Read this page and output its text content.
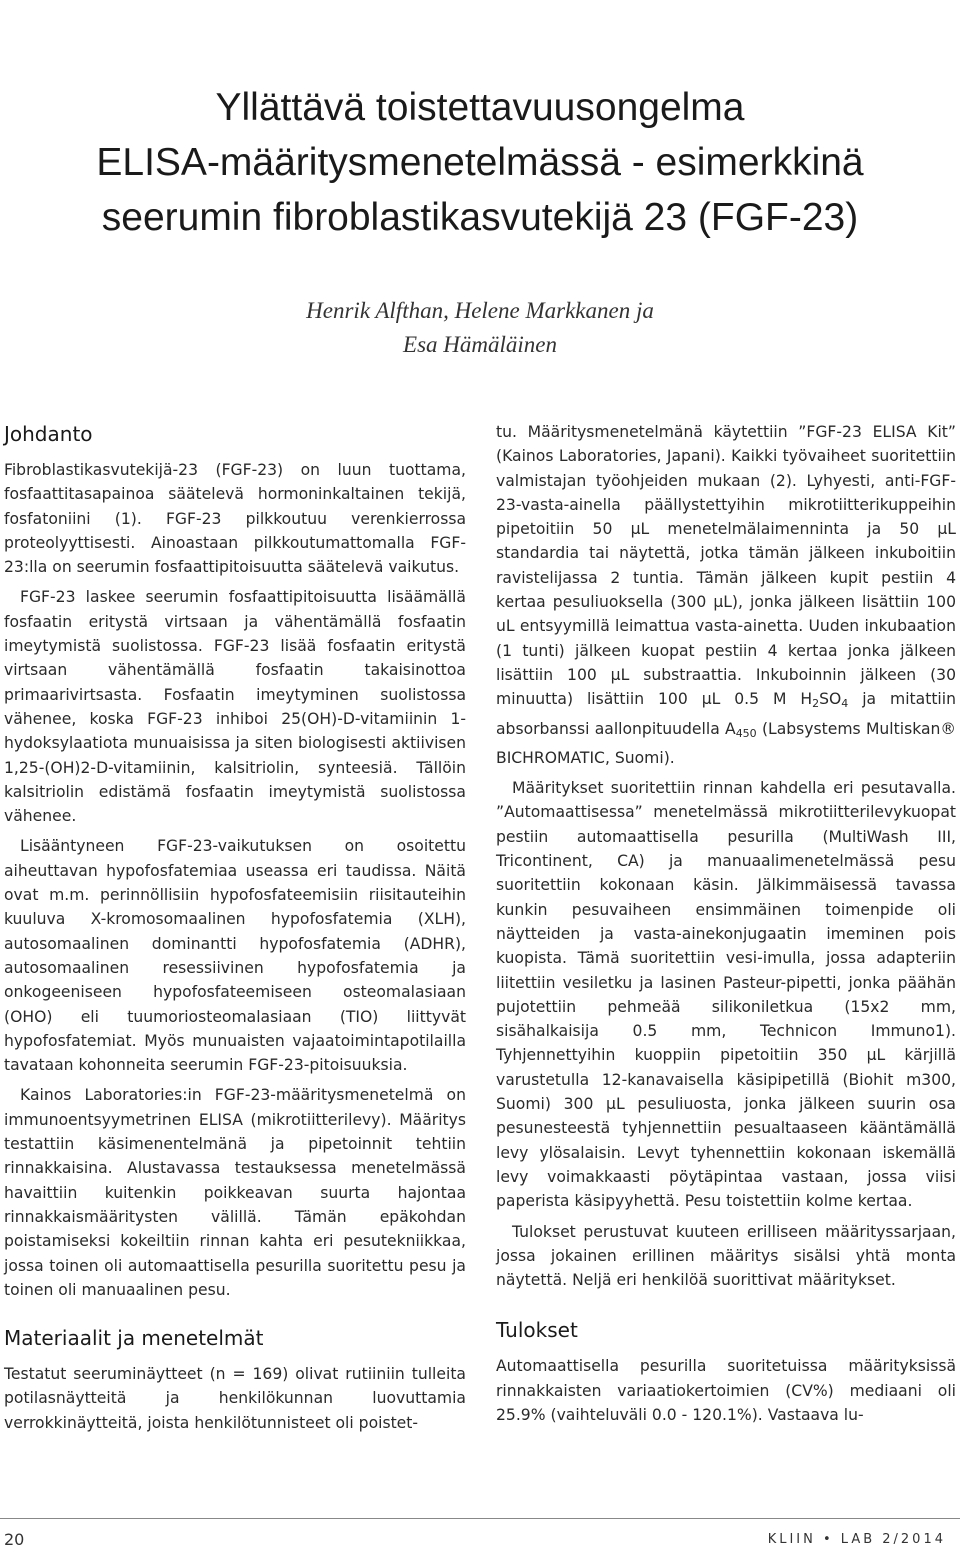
Yllättävä toistettavuusongelma
ELISA-määritysmenetelmässä - esimerkkinä
seerumin fibroblastikasvutekijä 23 (FGF-23)
Henrik Alfthan, Helene Markkanen ja
Esa Hämäläinen
Johdanto

Fibroblastikasvutekijä-23 (FGF-23) on luun tuottama, fosfaattitasapainoa säätelevä hormoninkaltainen tekijä, fosfatoniini (1). FGF-23 pilkkoutuu verenkierrossa proteolyyttisesti. Ainoastaan pilkkoutumattomalla FGF-23:lla on seerumin fosfaattipitoisuutta säätelevä vaikutus.

FGF-23 laskee seerumin fosfaattipitoisuutta lisäämällä fosfaatin eritystä virtsaan ja vähentämällä fosfaatin imeytymistä suolistossa. FGF-23 lisää fosfaatin eritystä virtsaan vähentämällä fosfaatin takaisinottoa primaarivirtsasta. Fosfaatin imeytyminen suolistossa vähenee, koska FGF-23 inhiboi 25(OH)-D-vitamiinin 1-hydoksylaatiota munuaisissa ja siten biologisesti aktiivisen 1,25-(OH)2-D-vitamiinin, kalsitriolin, synteesiä. Tällöin kalsitriolin edistämä fosfaatin imeytymistä suolistossa vähenee.

Lisääntyneen FGF-23-vaikutuksen on osoitettu aiheuttavan hypofosfatemiaa useassa eri taudissa. Näitä ovat m.m. perinnöllisiin hypofosfateemisiin riisitauteihin kuuluva X-kromosomaalinen hypofosfatemia (XLH), autosomaalinen dominantti hypofosfatemia (ADHR), autosomaalinen resessiivinen hypofosfatemia ja onkogeeniseen hypofosfateemiseen osteomalasiaan (OHO) eli tuumoriosteomalasiaan (TIO) liittyvät hypofosfatemiat. Myös munuaisten vajaatoimintapotilailla tavataan kohonneita seerumin FGF-23-pitoisuuksia.

Kainos Laboratories:in FGF-23-määritysmenetelmä on immunoentsyymetrinen ELISA (mikrotiitterilevy). Määritys testattiin käsimenentelmänä ja pipetoinnit tehtiin rinnakkaisina. Alustavassa testauksessa menetelmässä havaittiin kuitenkin poikkeavan suurta hajontaa rinnakkaismääritysten välillä. Tämän epäkohdan poistamiseksi kokeiltiin rinnan kahta eri pesutekniikkaa, jossa toinen oli automaattisella pesurilla suoritettu pesu ja toinen oli manuaalinen pesu.

Materiaalit ja menetelmät

Testatut seeruminäytteet (n = 169) olivat rutiiniin tulleita potilasnäytteitä ja henkilökunnan luovuttamia verrokkinäytteitä, joista henkilötunnisteet oli poistet-

tu. Määritysmenetelmänä käytettiin ”FGF-23 ELISA Kit” (Kainos Laboratories, Japani). Kaikki työvaiheet suoritettiin valmistajan työohjeiden mukaan (2). Lyhyesti, anti-FGF-23-vasta-ainella päällystettyihin mikrotiitterikuppeihin pipetoitiin 50 µL menetelmälaimenninta ja 50 µL standardia tai näytettä, jotka tämän jälkeen inkuboitiin ravistelijassa 2 tuntia. Tämän jälkeen kupit pestiin 4 kertaa pesuliuoksella (300 µL), jonka jälkeen lisättiin 100 uL entsyymillä leimattua vasta-ainetta. Uuden inkubaation (1 tunti) jälkeen kuopat pestiin 4 kertaa jonka jälkeen lisättiin 100 µL substraattia. Inkuboinnin jälkeen (30 minuutta) lisättiin 100 µL 0.5 M $H_2SO_4$ ja mitattiin absorbanssi aallonpituudella $A_{450}$ (Labsystems Multiskan® BICHROMATIC, Suomi).

Määritykset suoritettiin rinnan kahdella eri pesutavalla. ”Automaattisessa” menetelmässä mikrotiitterilevykuopat pestiin automaattisella pesurilla (MultiWash III, Tricontinent, CA) ja manuaalimenetelmässä pesu suoritettiin kokonaan käsin. Jälkimmäisessä tavassa kunkin pesuvaiheen ensimmäinen toimenpide oli näytteiden ja vasta-ainekonjugaatin imeminen pois kuopista. Tämä suoritettiin vesi-imulla, jossa adapteriin liitettiin vesiletku ja lasinen Pasteur-pipetti, jonka päähän pujotettiin pehmeää silikoniletkua (15x2 mm, sisähalkaisija 0.5 mm, Technicon Immuno1). Tyhjennettyihin kuoppiin pipetoitiin 350 µL kärjillä varustetulla 12-kanavaisella käsipipetillä (Biohit m300, Suomi) 300 µL pesuliuosta, jonka jälkeen suurin osa pesunesteestä tyhjennettiin pesualtaaseen kääntämällä levy ylösalaisin. Levyt tyhennettiin kokonaan iskemällä levy voimakkaasti pöytäpintaa vastaan, jossa viisi paperista käsipyyhettä. Pesu toistettiin kolme kertaa.

Tulokset perustuvat kuuteen erilliseen määrityssarjaan, jossa jokainen erillinen määritys sisälsi yhtä monta näytettä. Neljä eri henkilöä suorittivat määritykset.

Tulokset

Automaattisella pesurilla suoritetuissa määrityksissä rinnakkaisten variaatiokertoimien (CV%) mediaani oli 25.9% (vaihteluväli 0.0 - 120.1%). Vastaava lu-

20	KLIIN • LAB 2/2014
